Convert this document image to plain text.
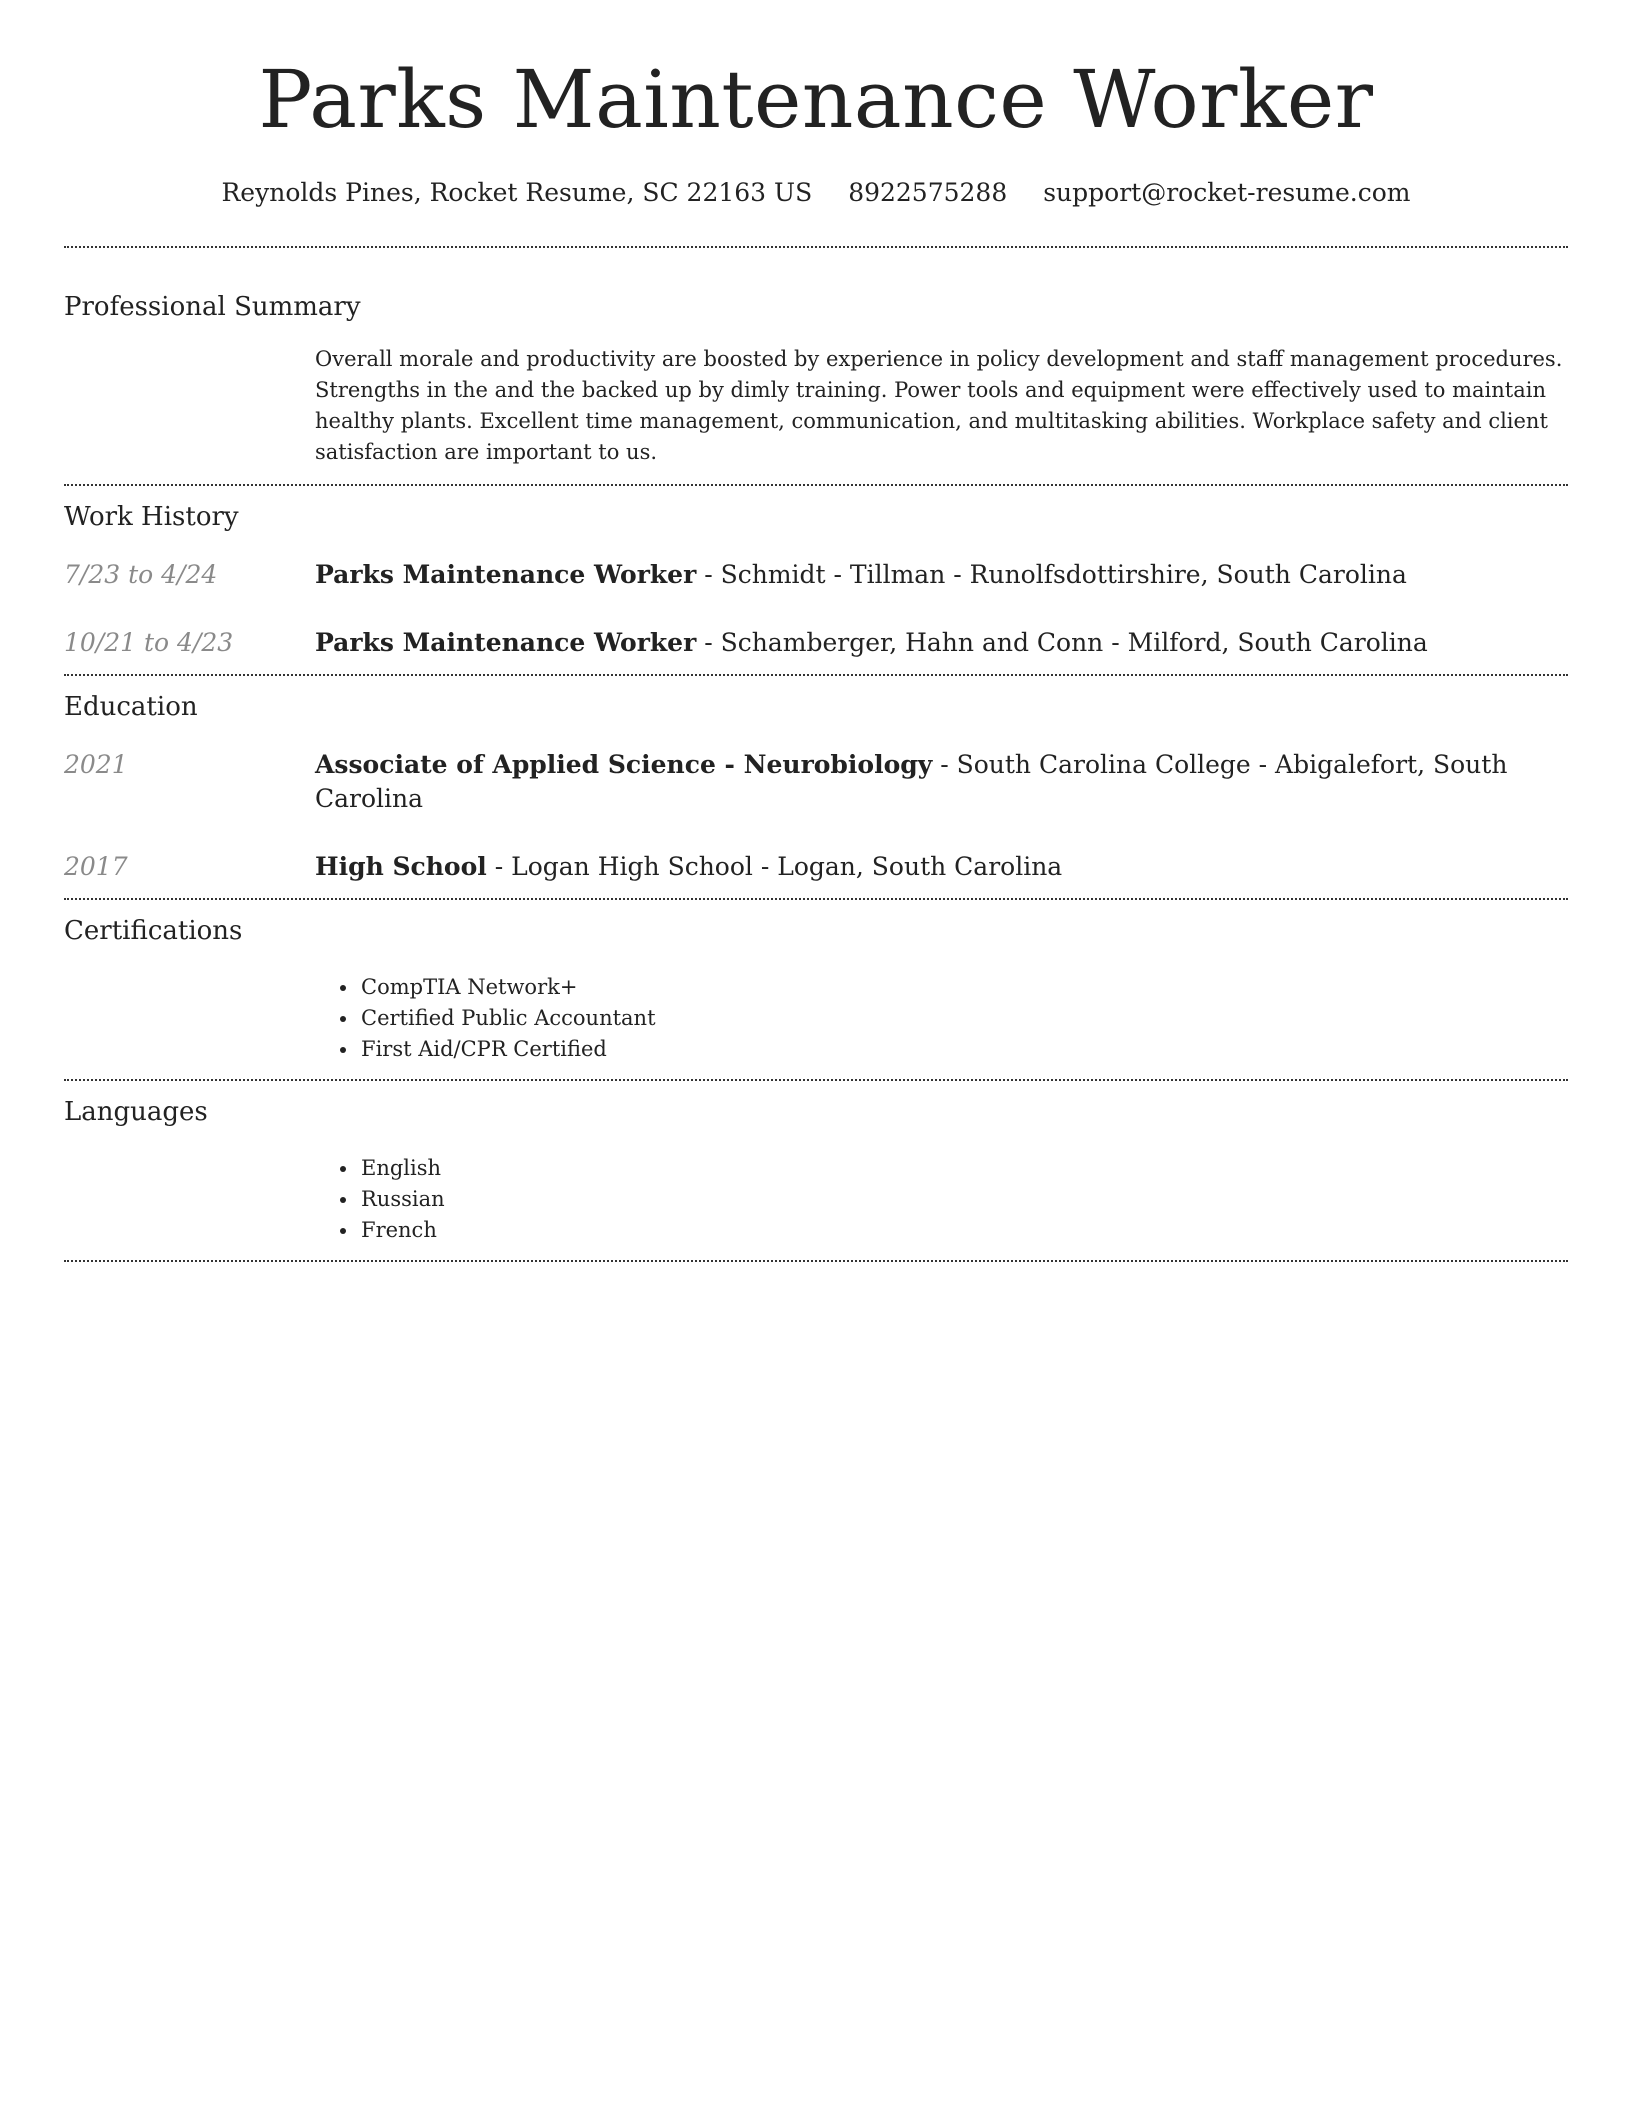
Parks Maintenance Worker
Reynolds Pines, Rocket Resume, SC 22163 US 8922575288 support@rocket-resume.com
Professional Summary

Overall morale and productivity are boosted by experience in policy development and staff management procedures. Strengths in the and the backed up by dimly training. Power tools and equipment were effectively used to maintain healthy plants. Excellent time management, communication, and multitasking abilities. Workplace safety and client satisfaction are important to us.

Work History
7/23 to 4/24	Parks Maintenance Worker - Schmidt - Tillman - Runolfsdottirshire, South Carolina
10/21 to 4/23	Parks Maintenance Worker - Schamberger, Hahn and Conn - Milford, South Carolina
Education
2021	Associate of Applied Science - Neurobiology - South Carolina College - Abigalefort, South Carolina
2017	High School - Logan High School - Logan, South Carolina
Certifications
• CompTIA Network+
• Certified Public Accountant
• First Aid/CPR Certified
Languages
• English
• Russian
• French
